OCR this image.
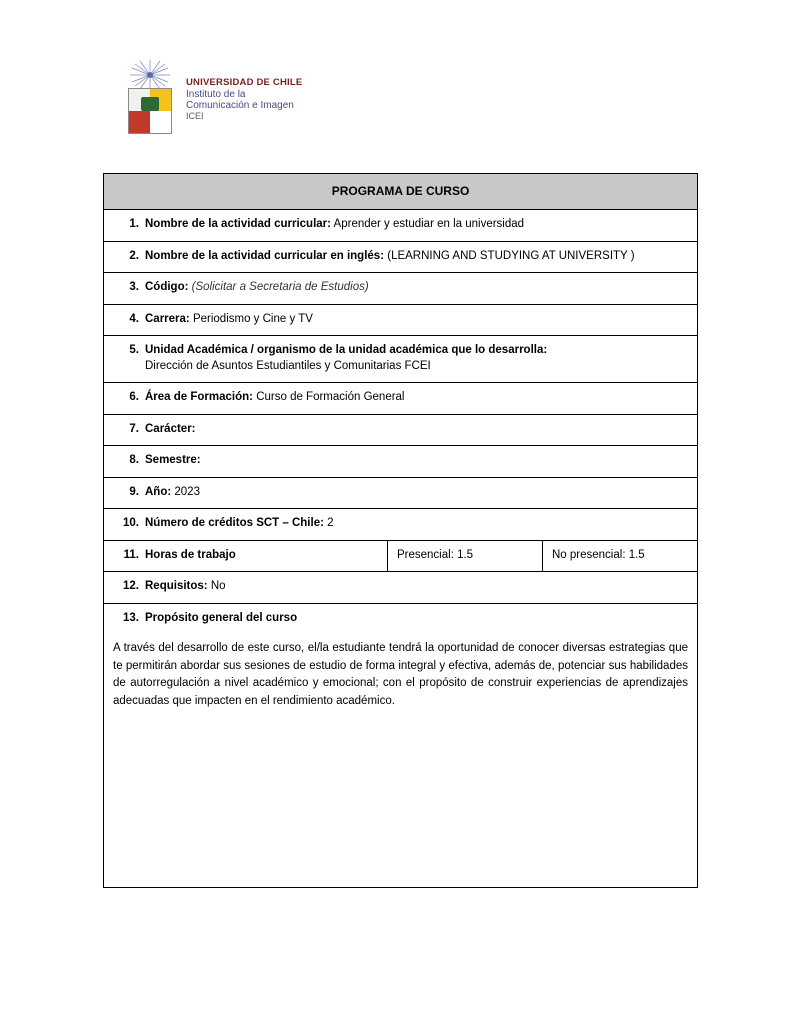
UNIVERSIDAD DE CHILE
Instituto de la
Comunicación e Imagen
ICEI
PROGRAMA DE CURSO

1. Nombre de la actividad curricular: Aprender y estudiar en la universidad

2. Nombre de la actividad curricular en inglés: (LEARNING AND STUDYING AT UNIVERSITY )

3. Código: (Solicitar a Secretaria de Estudios)

4. Carrera: Periodismo y Cine y TV

5. Unidad Académica / organismo de la unidad académica que lo desarrolla:
Dirección de Asuntos Estudiantiles y Comunitarias FCEI

6. Área de Formación: Curso de Formación General

7. Carácter:

8. Semestre:

9. Año: 2023

10. Número de créditos SCT – Chile: 2

11. Horas de trabajo	Presencial: 1.5	No presencial: 1.5

12. Requisitos: No

13. Propósito general del curso
A través del desarrollo de este curso, el/la estudiante tendrá la oportunidad de conocer diversas estrategias que te permitirán abordar sus sesiones de estudio de forma integral y efectiva, además de, potenciar sus habilidades de autorregulación a nivel académico y emocional; con el propósito de construir experiencias de aprendizajes adecuadas que impacten en el rendimiento académico.
